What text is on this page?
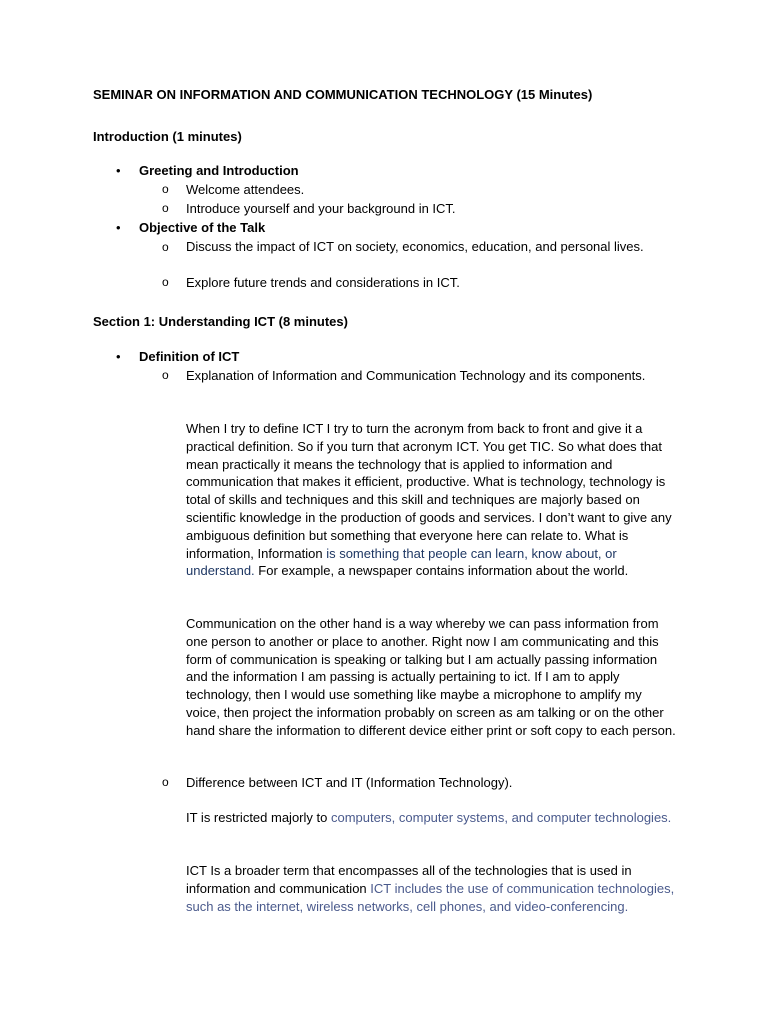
SEMINAR ON INFORMATION AND COMMUNICATION TECHNOLOGY (15 Minutes)
Introduction (1 minutes)
• Greeting and Introduction
o Welcome attendees.
o Introduce yourself and your background in ICT.
• Objective of the Talk
o Discuss the impact of ICT on society, economics, education, and personal lives.
o Explore future trends and considerations in ICT.
Section 1: Understanding ICT (8 minutes)
• Definition of ICT
o Explanation of Information and Communication Technology and its components.
When I try to define ICT I try to turn the acronym from back to front and give it a practical definition. So if you turn that acronym ICT. You get TIC. So what does that mean practically it means the technology that is applied to information and communication that makes it efficient, productive. What is technology, technology is total of skills and techniques and this skill and techniques are majorly based on scientific knowledge in the production of goods and services. I don’t want to give any ambiguous definition but something that everyone here can relate to. What is information, Information is something that people can learn, know about, or understand. For example, a newspaper contains information about the world.
Communication on the other hand is a way whereby we can pass information from one person to another or place to another. Right now I am communicating and this form of communication is speaking or talking but I am actually passing information and the information I am passing is actually pertaining to ict. If I am to apply technology, then I would use something like maybe a microphone to amplify my voice, then project the information probably on screen as am talking or on the other hand share the information to different device either print or soft copy to each person.
o Difference between ICT and IT (Information Technology).
IT is restricted majorly to computers, computer systems, and computer technologies.
ICT Is a broader term that encompasses all of the technologies that is used in information and communication ICT includes the use of communication technologies, such as the internet, wireless networks, cell phones, and video-conferencing.
